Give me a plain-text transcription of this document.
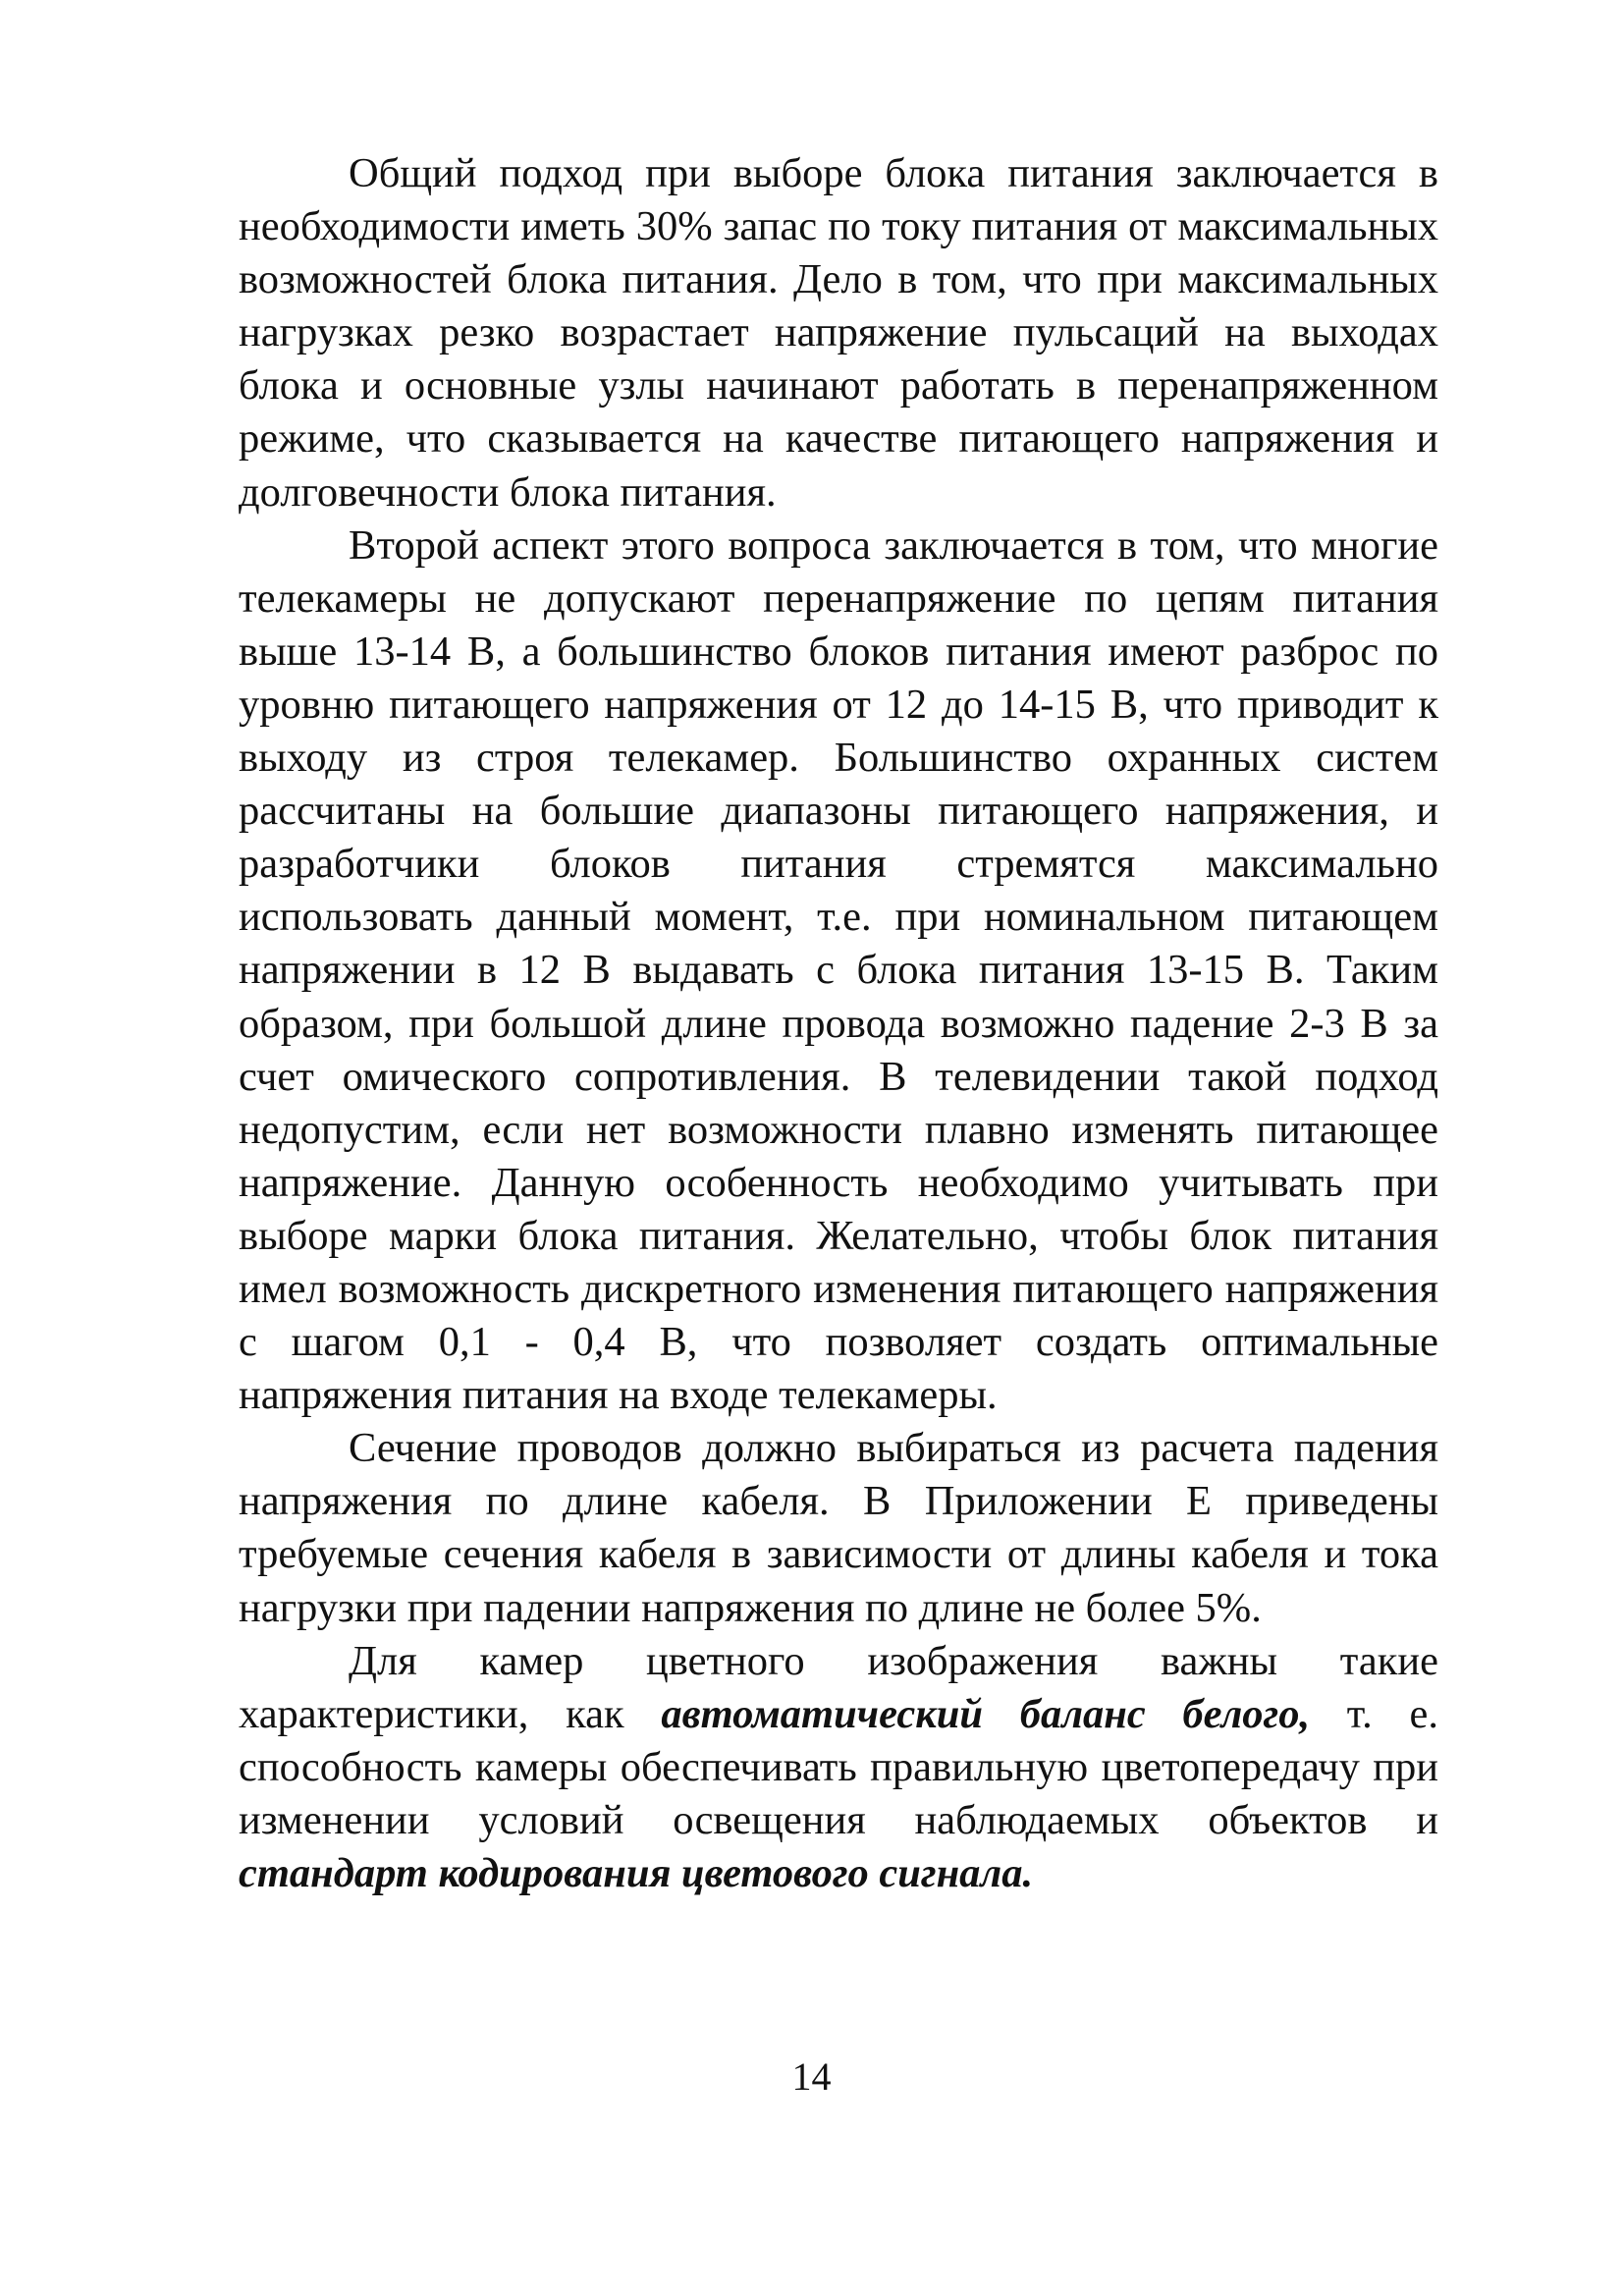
Общий подход при выборе блока питания заключается в необходимости иметь 30% запас по току питания от максимальных возможностей блока питания. Дело в том, что при максимальных нагрузках резко возрастает напряжение пульсаций на выходах блока и основные узлы начинают работать в перенапряженном режиме, что сказывается на качестве питающего напряжения и долговечности блока питания.

Второй аспект этого вопроса заключается в том, что многие телекамеры не допускают перенапряжение по цепям питания выше 13-14 В, а большинство блоков питания имеют разброс по уровню питающего напряжения от 12 до 14-15 В, что приводит к выходу из строя телекамер. Большинство охранных систем рассчитаны на большие диапазоны питающего напряжения, и разработчики блоков питания стремятся максимально использовать данный момент, т.е. при номинальном питающем напряжении в 12 В выдавать с блока питания 13-15 В. Таким образом, при большой длине провода возможно падение 2-3 В за счет омического сопротивления. В телевидении такой подход недопустим, если нет возможности плавно изменять питающее напряжение. Данную особенность необходимо учитывать при выборе марки блока питания. Желательно, чтобы блок питания имел возможность дискретного изменения питающего напряжения с шагом 0,1 - 0,4 В, что позволяет создать оптимальные напряжения питания на входе телекамеры.

Сечение проводов должно выбираться из расчета падения напряжения по длине кабеля. В Приложении Е приведены требуемые сечения кабеля в зависимости от длины кабеля и тока нагрузки при падении напряжения по длине не более 5%.

Для камер цветного изображения важны такие характеристики, как автоматический баланс белого, т. е. способность камеры обеспечивать правильную цветопередачу при изменении условий освещения наблюдаемых объектов и стандарт кодирования цветового сигнала.

14
